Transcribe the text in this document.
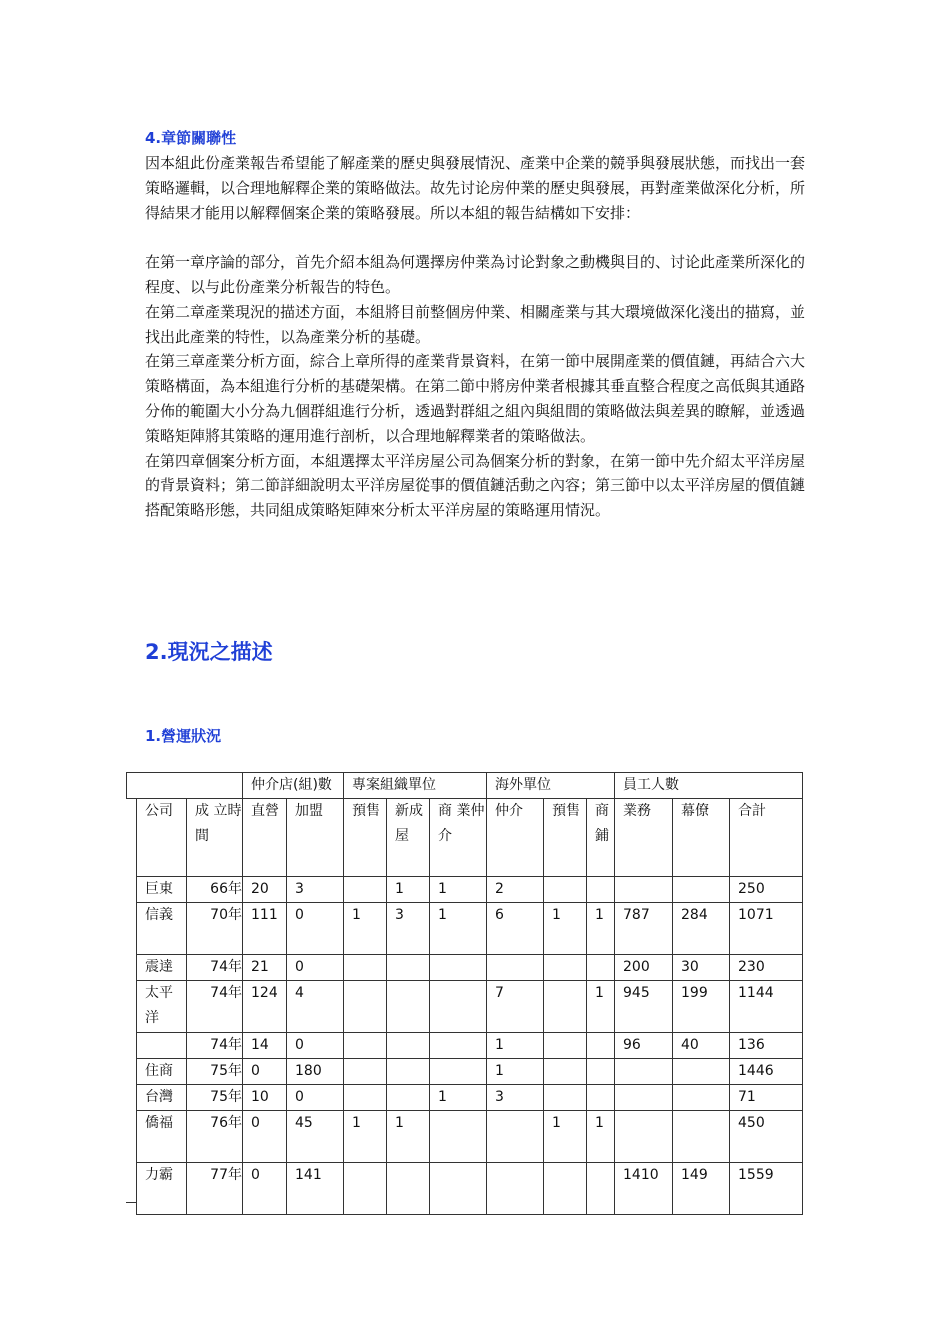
4.章節關聯性

因本組此份產業報告希望能了解產業的歷史與發展情況、產業中企業的競爭與發展狀態，而找出一套策略邏輯，以合理地解釋企業的策略做法。故先讨论房仲業的歷史與發展，再對產業做深化分析，所得結果才能用以解釋個案企業的策略發展。所以本組的報告結構如下安排：

在第一章序論的部分，首先介紹本組為何選擇房仲業為讨论對象之動機與目的、讨论此產業所深化的程度、以与此份產業分析報告的特色。

在第二章產業現況的描述方面，本組將目前整個房仲業、相關產業与其大環境做深化淺出的描寫，並找出此產業的特性，以為產業分析的基礎。

在第三章產業分析方面，綜合上章所得的產業背景資料，在第一節中展開產業的價值鏈，再結合六大策略構面，為本組進行分析的基礎架構。在第二節中將房仲業者根據其垂直整合程度之高低與其通路分佈的範圍大小分為九個群組進行分析，透過對群組之組內與組間的策略做法與差異的瞭解，並透過策略矩陣將其策略的運用進行剖析，以合理地解釋業者的策略做法。

在第四章個案分析方面，本組選擇太平洋房屋公司為個案分析的對象，在第一節中先介紹太平洋房屋的背景資料；第二節詳細說明太平洋房屋從事的價值鏈活動之內容；第三節中以太平洋房屋的價值鏈搭配策略形態，共同組成策略矩陣來分析太平洋房屋的策略運用情況。

2.現況之描述
1.營運狀況
			仲介店(組)數		專案組織單位			海外單位			員工人數		
	公司	成 立時間	直營	加盟	預售	新成屋	商 業仲介	仲介	預售	商鋪	業務	幕僚	合計
	巨東	66年	20	3		1	1	2					250
	信義	70年	111	0	1	3	1	6	1	1	787	284	1071
	震達	74年	21	0							200	30	230
	太平洋	74年	124	4				7		1	945	199	1144
		74年	14	0				1			96	40	136
	住商	75年	0	180				1					1446
	台灣	75年	10	0			1	3					71
	僑福	76年	0	45	1	1			1	1			450
	力霸	77年	0	141							1410	149	1559
